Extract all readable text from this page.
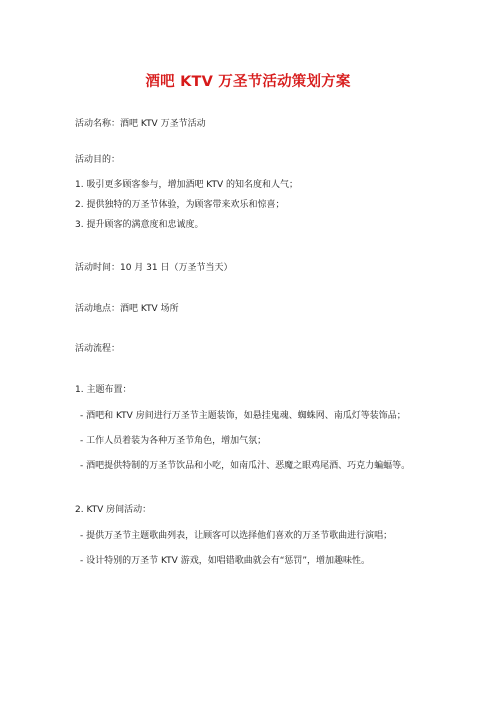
酒吧 KTV 万圣节活动策划方案
活动名称：酒吧 KTV 万圣节活动
活动目的：
1. 吸引更多顾客参与，增加酒吧 KTV 的知名度和人气；
2. 提供独特的万圣节体验，为顾客带来欢乐和惊喜；
3. 提升顾客的满意度和忠诚度。
活动时间：10 月 31 日（万圣节当天）
活动地点：酒吧 KTV 场所
活动流程：
1. 主题布置：
- 酒吧和 KTV 房间进行万圣节主题装饰，如悬挂鬼魂、蜘蛛网、南瓜灯等装饰品；
- 工作人员着装为各种万圣节角色，增加气氛；
- 酒吧提供特制的万圣节饮品和小吃，如南瓜汁、恶魔之眼鸡尾酒、巧克力蝙蝠等。
2. KTV 房间活动：
- 提供万圣节主题歌曲列表，让顾客可以选择他们喜欢的万圣节歌曲进行演唱；
- 设计特别的万圣节 KTV 游戏，如唱错歌曲就会有“惩罚”，增加趣味性。
